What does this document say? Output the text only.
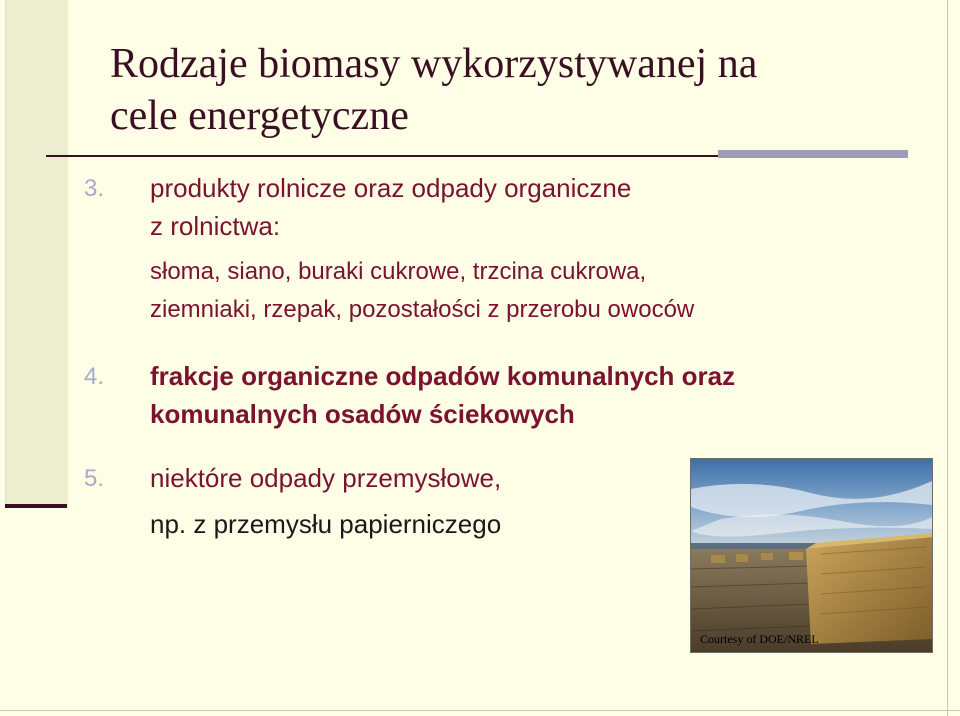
Rodzaje biomasy wykorzystywanej na
cele energetyczne
3. produkty rolnicze oraz odpady organiczne
z rolnictwa:
słoma, siano, buraki cukrowe, trzcina cukrowa,
ziemniaki, rzepak, pozostałości z przerobu owoców
4. frakcje organiczne odpadów komunalnych oraz
komunalnych osadów ściekowych
5. niektóre odpady przemysłowe,
np. z przemysłu papierniczego
Courtesy of DOE/NREL
